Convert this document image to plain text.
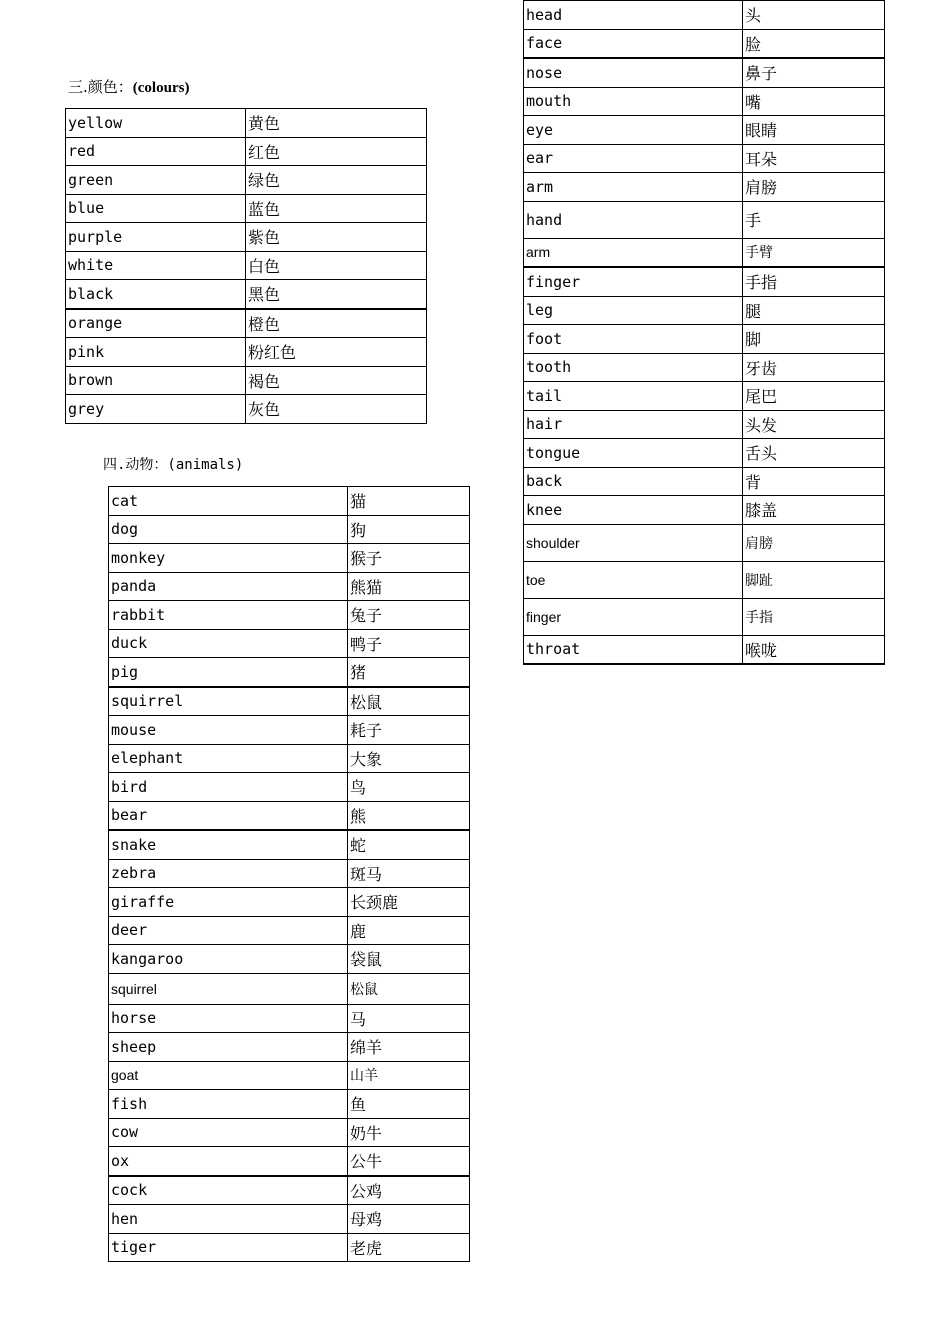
三.颜色：(colours)
yellow	黄色
red	红色
green	绿色
blue	蓝色
purple	紫色
white	白色
black	黑色
orange	橙色
pink	粉红色
brown	褐色
grey	灰色
四.动物：(animals)
cat	猫
dog	狗
monkey	猴子
panda	熊猫
rabbit	兔子
duck	鸭子
pig	猪
squirrel	松鼠
mouse	耗子
elephant	大象
bird	鸟
bear	熊
snake	蛇
zebra	斑马
giraffe	长颈鹿
deer	鹿
kangaroo	袋鼠
squirrel	松鼠
horse	马
sheep	绵羊
goat	山羊
fish	鱼
cow	奶牛
ox	公牛
cock	公鸡
hen	母鸡
tiger	老虎
head	头
face	脸
nose	鼻子
mouth	嘴
eye	眼睛
ear	耳朵
arm	肩膀
hand	手
arm	手臂
finger	手指
leg	腿
foot	脚
tooth	牙齿
tail	尾巴
hair	头发
tongue	舌头
back	背
knee	膝盖
shoulder	肩膀
toe	脚趾
finger	手指
throat	喉咙
